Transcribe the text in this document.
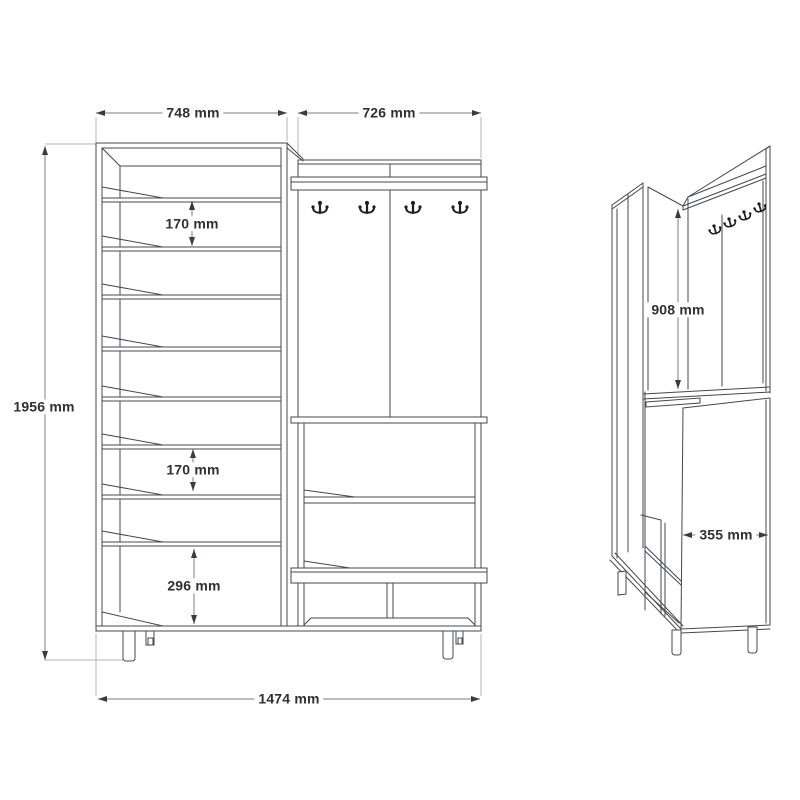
748 mm	726 mm
1956 mm
170 mm
170 mm
296 mm
1474 mm
908 mm
355 mm
